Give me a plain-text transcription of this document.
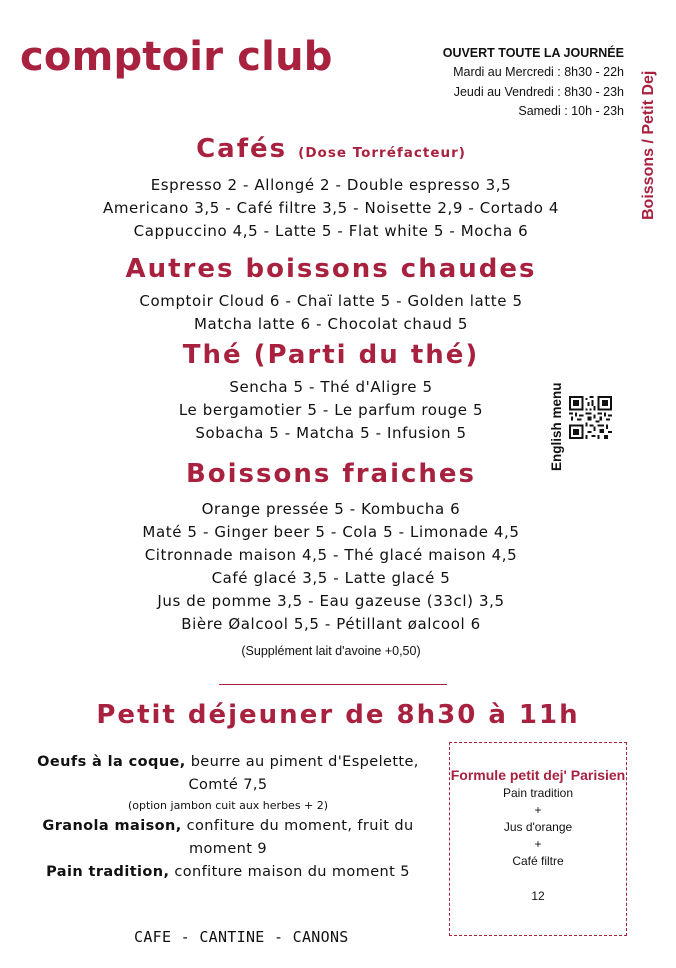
comptoir club	OUVERT TOUTE LA JOURNÉE
Mardi au Mercredi : 8h30 - 22h
Jeudi au Vendredi : 8h30 - 23h
Samedi : 10h - 23h Boissons / Petit Dej
Cafés (Dose Torréfacteur)
Espresso 2 - Allongé 2 - Double espresso 3,5
Americano 3,5 - Café filtre 3,5 - Noisette 2,9 - Cortado 4
Cappuccino 4,5 - Latte 5 - Flat white 5 - Mocha 6
Autres boissons chaudes
Comptoir Cloud 6 - Chaï latte 5 - Golden latte 5
Matcha latte 6 - Chocolat chaud 5
Thé (Parti du thé)
Sencha 5 - Thé d'Aligre 5
Le bergamotier 5 - Le parfum rouge 5
Sobacha 5 - Matcha 5 - Infusion 5	English menu
Boissons fraiches
Orange pressée 5 - Kombucha 6
Maté 5 - Ginger beer 5 - Cola 5 - Limonade 4,5
Citronnade maison 4,5 - Thé glacé maison 4,5
Café glacé 3,5 - Latte glacé 5
Jus de pomme 3,5 - Eau gazeuse (33cl) 3,5
Bière Øalcool 5,5 - Pétillant øalcool 6
(Supplément lait d'avoine +0,50)
Petit déjeuner de 8h30 à 11h
Oeufs à la coque, beurre au piment d'Espelette,
Comté 7,5
(option jambon cuit aux herbes + 2)
Granola maison, confiture du moment, fruit du
moment 9
Pain tradition, confiture maison du moment 5
Formule petit dej' Parisien
Pain tradition
+
Jus d'orange
+
Café filtre
12
CAFE - CANTINE - CANONS
